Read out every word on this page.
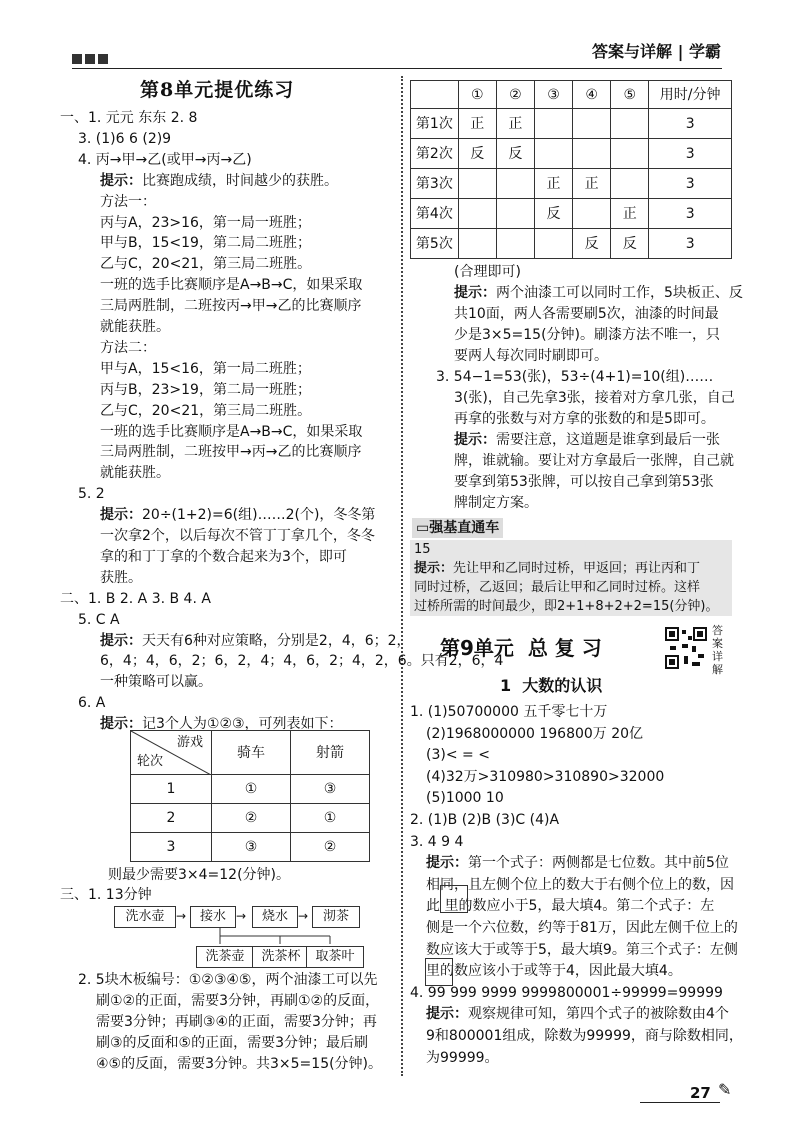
答案与详解 | 学霸
第8单元提优练习
一、1. 元元 东东 2. 8
3. (1)6 6 (2)9
4. 丙→甲→乙(或甲→丙→乙)
提示：比赛跑成绩，时间越少的获胜。
方法一：
丙与A，23>16，第一局一班胜；
甲与B，15<19，第二局二班胜；
乙与C，20<21，第三局二班胜。
一班的选手比赛顺序是A→B→C，如果采取
三局两胜制，二班按丙→甲→乙的比赛顺序
就能获胜。
方法二：
甲与A，15<16，第一局二班胜；
丙与B，23>19，第二局一班胜；
乙与C，20<21，第三局二班胜。
一班的选手比赛顺序是A→B→C，如果采取
三局两胜制，二班按甲→丙→乙的比赛顺序
就能获胜。
5. 2
提示：20÷(1+2)=6(组)……2(个)，冬冬第
一次拿2个，以后每次不管丁丁拿几个，冬冬
拿的和丁丁拿的个数合起来为3个，即可
获胜。
二、1. B 2. A 3. B 4. A
5. C A
提示：天天有6种对应策略，分别是2，4，6；2，
6，4；4，6，2；6，2，4；4，6，2；4，2，6。只有2，6，4
一种策略可以赢。
6. A
提示：记3个人为①②③，可列表如下：
游戏
轮次	骑车	射箭
1	①	③
2	②	①
3	③	②
则最少需要3×4=12(分钟)。
三、1. 13分钟
洗水壶 →	接水 →	烧水 →	沏茶
洗茶壶	洗茶杯	取茶叶
2. 5块木板编号：①②③④⑤，两个油漆工可以先
刷①②的正面，需要3分钟，再刷①②的反面，
需要3分钟；再刷③④的正面，需要3分钟；再
刷③的反面和⑤的正面，需要3分钟；最后刷
④⑤的反面，需要3分钟。共3×5=15(分钟)。
	①	②	③	④	⑤	用时/分钟
第1次	正	正				3
第2次	反	反				3
第3次			正	正		3
第4次			反		正	3
第5次				反	反	3
(合理即可)
提示：两个油漆工可以同时工作，5块板正、反
共10面，两人各需要刷5次，油漆的时间最
少是3×5=15(分钟)。刷漆方法不唯一，只
要两人每次同时刷即可。
3. 54−1=53(张)，53÷(4+1)=10(组)……
3(张)，自己先拿3张，接着对方拿几张，自己
再拿的张数与对方拿的张数的和是5即可。
提示：需要注意，这道题是谁拿到最后一张
牌，谁就输。要让对方拿最后一张牌，自己就
要拿到第53张牌，可以按自己拿到第53张
牌制定方案。
▭强基直通车
15
提示：先让甲和乙同时过桥，甲返回；再让丙和丁
同时过桥，乙返回；最后让甲和乙同时过桥。这样
过桥所需的时间最少，即2+1+8+2+2=15(分钟)。
第9单元  总 复 习
答案详解
1  大数的认识
1. (1)50700000 五千零七十万
(2)1968000000 196800万 20亿
(3)< = <
(4)32万>310980>310890>32000
(5)1000 10
2. (1)B (2)B (3)C (4)A
3. 4 9 4
提示：第一个式子：两侧都是七位数。其中前5位
相同，且左侧个位上的数大于右侧个位上的数，因
此 里的数应小于5，最大填4。第二个式子：左
侧是一个六位数，约等于81万，因此左侧千位上的
数应该大于或等于5，最大填9。第三个式子：左侧
里的数应该小于或等于4，因此最大填4。
4. 99 999 9999 9999800001÷99999=99999
提示：观察规律可知，第四个式子的被除数由4个
9和800001组成，除数为99999，商与除数相同，
为99999。
27 ✎
